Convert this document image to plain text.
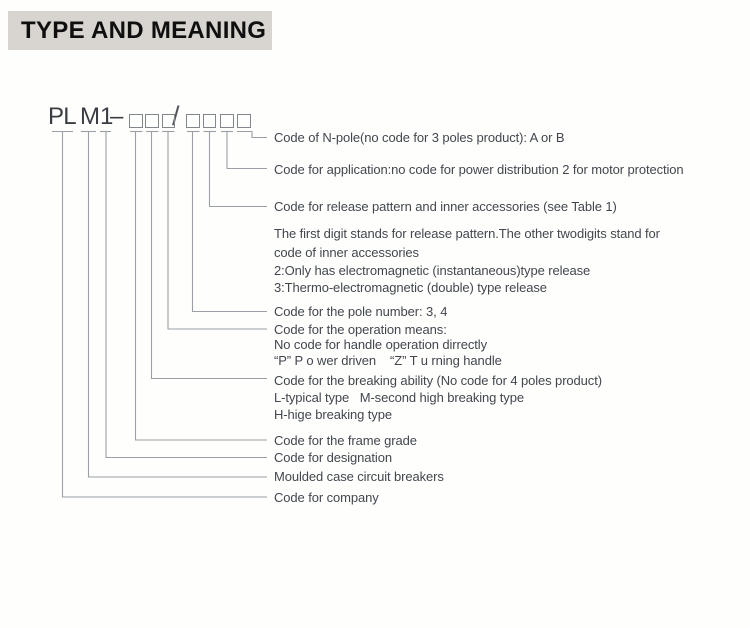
TYPE AND MEANING
PL M 1
– /
Code of N-pole(no code for 3 poles product): A or B
Code for application:no code for power distribution 2 for motor protection
Code for release pattern and inner accessories (see Table 1)
The first digit stands for release pattern.The other twodigits stand for
code of inner accessories
2:Only has electromagnetic (instantaneous)type release
3:Thermo-electromagnetic (double) type release
Code for the pole number: 3, 4
Code for the operation means:
No code for handle operation dirrectly
“P” P o wer driven    “Z” T u rning handle
Code for the breaking ability (No code for 4 poles product)
L-typical type   M-second high breaking type
H-hige breaking type
Code for the frame grade
Code for designation
Moulded case circuit breakers
Code for company
